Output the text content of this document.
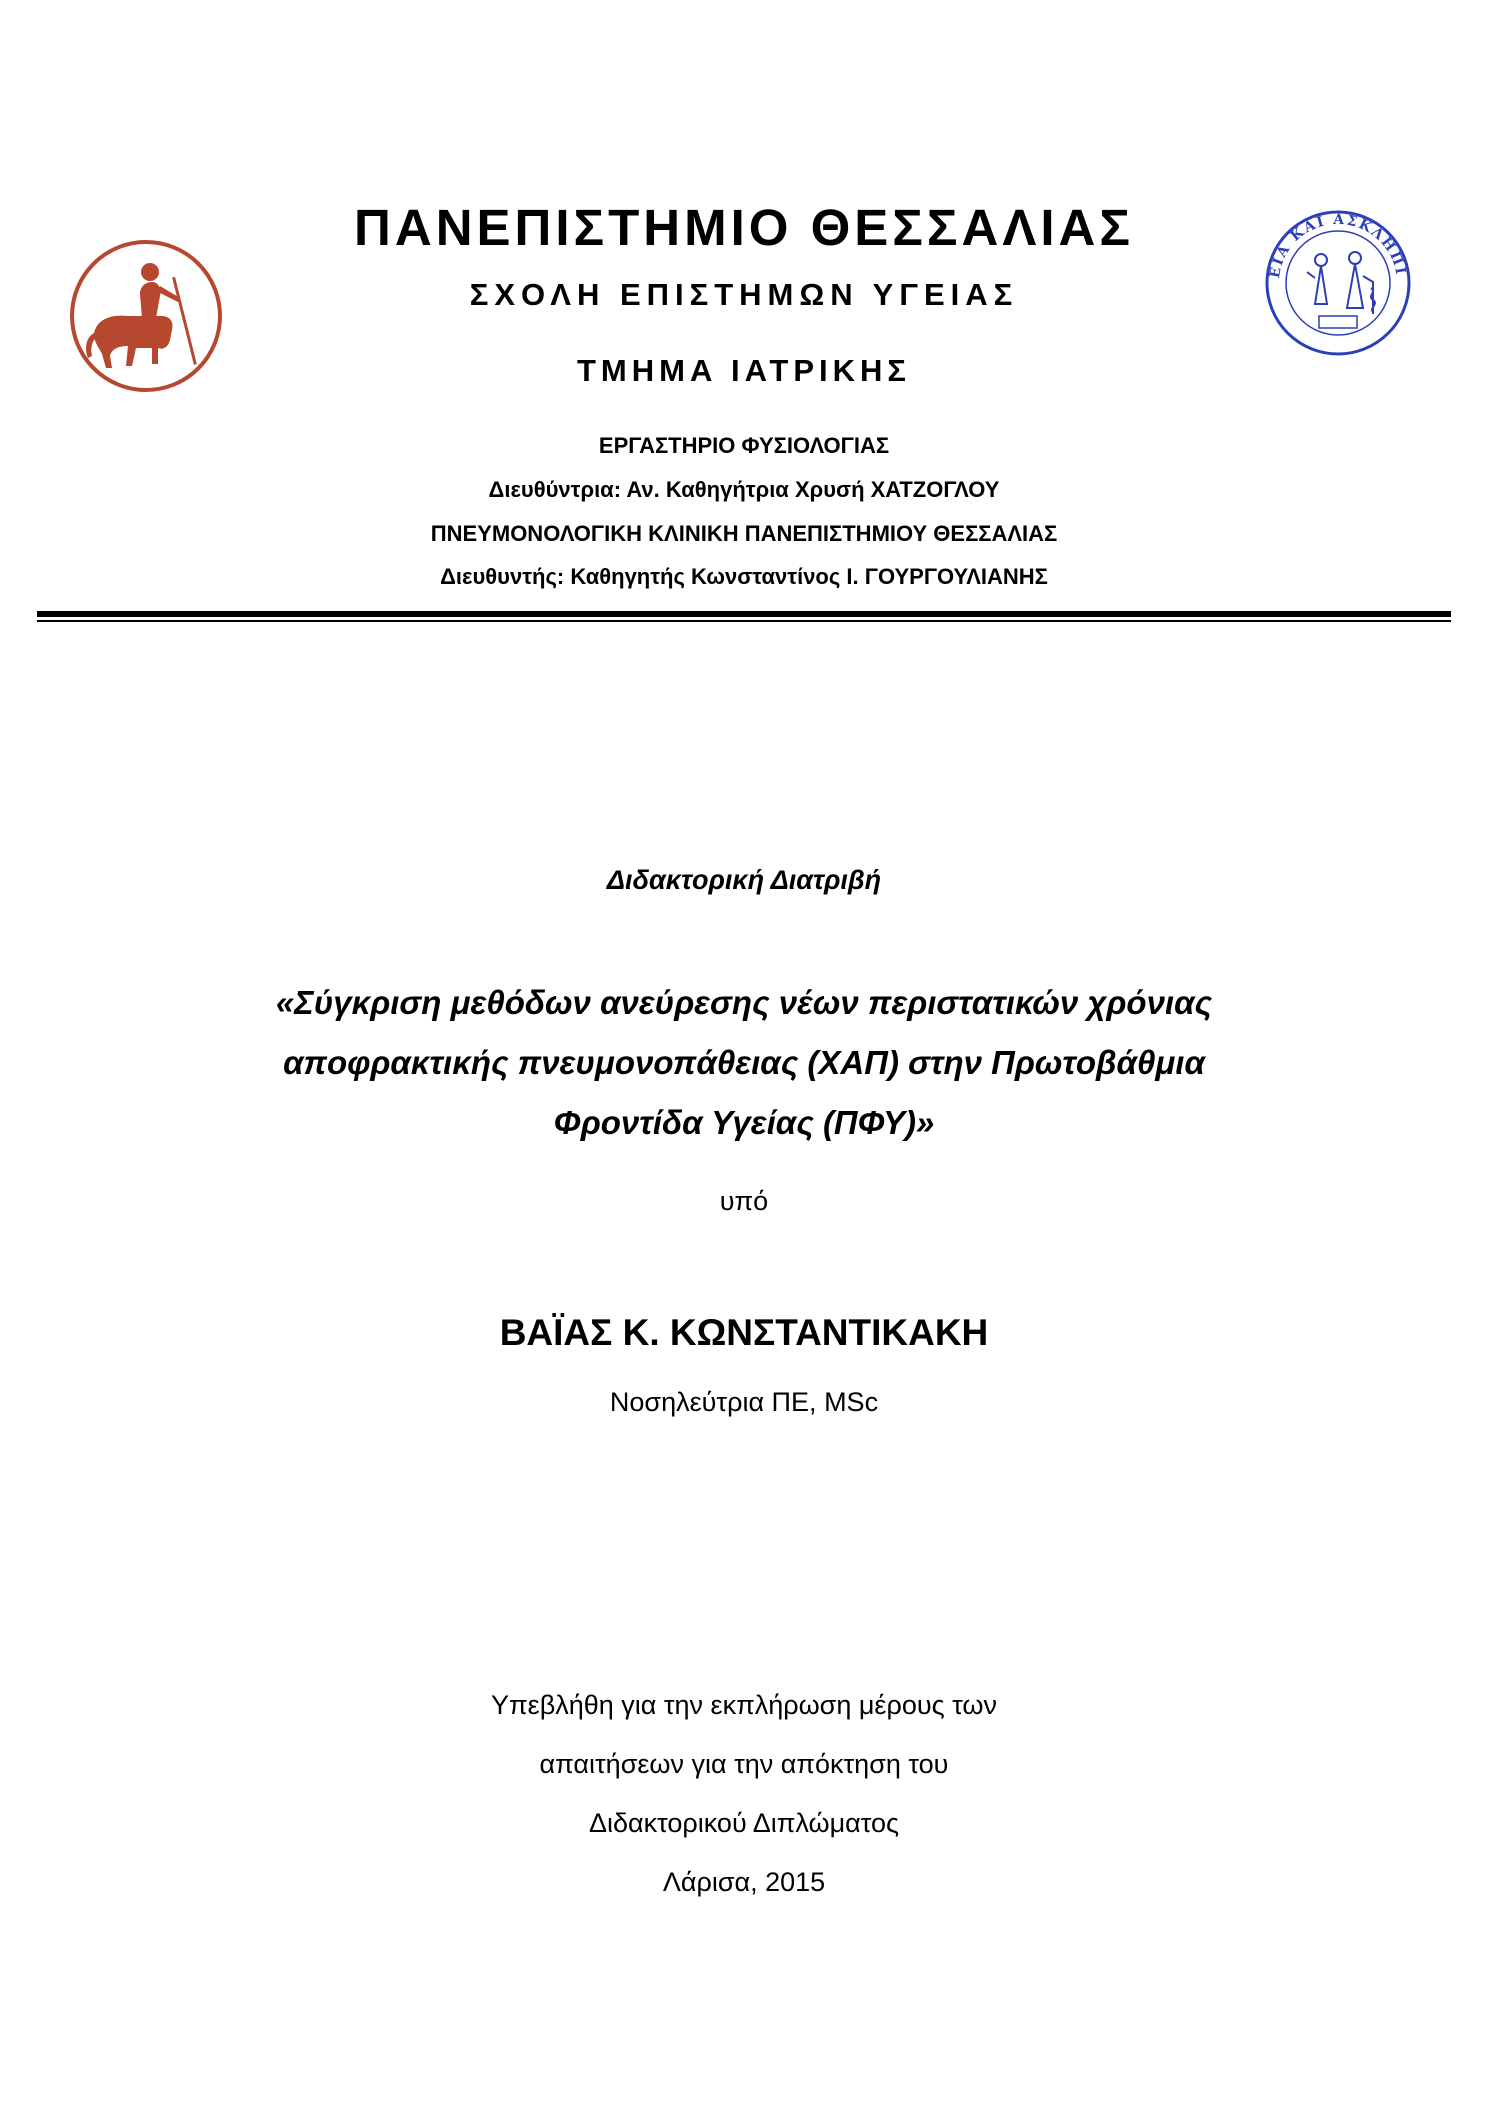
ΕΙΑ ΚΑΙ ΑΣΚΛΗΠΙ
ΠΑΝΕΠΙΣΤΗΜΙΟ ΘΕΣΣΑΛΙΑΣ
ΣΧΟΛΗ ΕΠΙΣΤΗΜΩΝ ΥΓΕΙΑΣ
ΤΜΗΜΑ ΙΑΤΡΙΚΗΣ
ΕΡΓΑΣΤΗΡΙΟ ΦΥΣΙΟΛΟΓΙΑΣ
Διευθύντρια: Αν. Καθηγήτρια Χρυσή ΧΑΤΖΟΓΛΟΥ
ΠΝΕΥΜΟΝΟΛΟΓΙΚΗ ΚΛΙΝΙΚΗ ΠΑΝΕΠΙΣΤΗΜΙΟΥ ΘΕΣΣΑΛΙΑΣ
Διευθυντής: Καθηγητής Κωνσταντίνος Ι. ΓΟΥΡΓΟΥΛΙΑΝΗΣ
Διδακτορική Διατριβή
«Σύγκριση μεθόδων ανεύρεσης νέων περιστατικών χρόνιας
αποφρακτικής πνευμονοπάθειας (ΧΑΠ) στην Πρωτοβάθμια
Φροντίδα Υγείας (ΠΦΥ)»
υπό
ΒΑΪΑΣ Κ. ΚΩΝΣΤΑΝΤΙΚΑΚΗ
Νοσηλεύτρια ΠΕ, MSc
Υπεβλήθη για την εκπλήρωση μέρους των
απαιτήσεων για την απόκτηση του
Διδακτορικού Διπλώματος
Λάρισα, 2015
